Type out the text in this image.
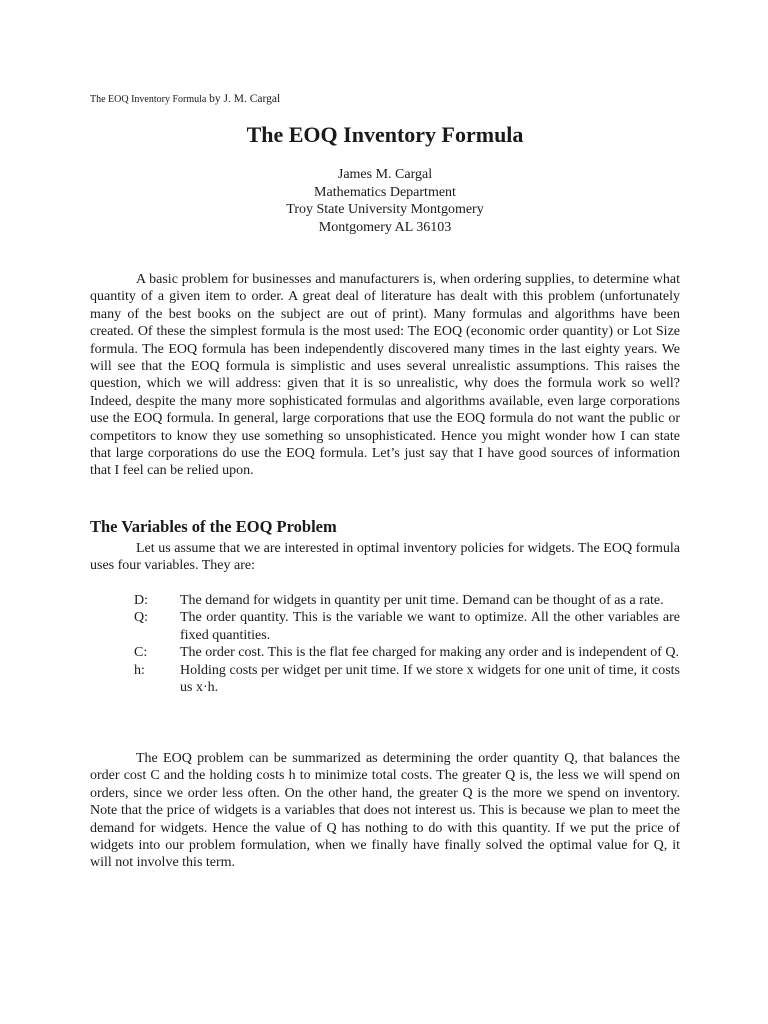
The EOQ Inventory Formula by J. M. Cargal
The EOQ Inventory Formula
James M. Cargal
Mathematics Department
Troy State University Montgomery
Montgomery AL 36103

A basic problem for businesses and manufacturers is, when ordering supplies, to determine what quantity of a given item to order. A great deal of literature has dealt with this problem (unfortunately many of the best books on the subject are out of print). Many formulas and algorithms have been created. Of these the simplest formula is the most used: The EOQ (economic order quantity) or Lot Size formula. The EOQ formula has been independently discovered many times in the last eighty years. We will see that the EOQ formula is simplistic and uses several unrealistic assumptions. This raises the question, which we will address: given that it is so unrealistic, why does the formula work so well? Indeed, despite the many more sophisticated formulas and algorithms available, even large corporations use the EOQ formula. In general, large corporations that use the EOQ formula do not want the public or competitors to know they use something so unsophisticated. Hence you might wonder how I can state that large corporations do use the EOQ formula. Let’s just say that I have good sources of information that I feel can be relied upon.

The Variables of the EOQ Problem

Let us assume that we are interested in optimal inventory policies for widgets. The EOQ formula uses four variables. They are:

D:	The demand for widgets in quantity per unit time. Demand can be thought of as a rate.
Q:	The order quantity. This is the variable we want to optimize. All the other variables are fixed quantities.
C:	The order cost. This is the flat fee charged for making any order and is independent of Q.
h:	Holding costs per widget per unit time. If we store x widgets for one unit of time, it costs us x·h.

The EOQ problem can be summarized as determining the order quantity Q, that balances the order cost C and the holding costs h to minimize total costs. The greater Q is, the less we will spend on orders, since we order less often. On the other hand, the greater Q is the more we spend on inventory. Note that the price of widgets is a variables that does not interest us. This is because we plan to meet the demand for widgets. Hence the value of Q has nothing to do with this quantity. If we put the price of widgets into our problem formulation, when we finally have finally solved the optimal value for Q, it will not involve this term.
